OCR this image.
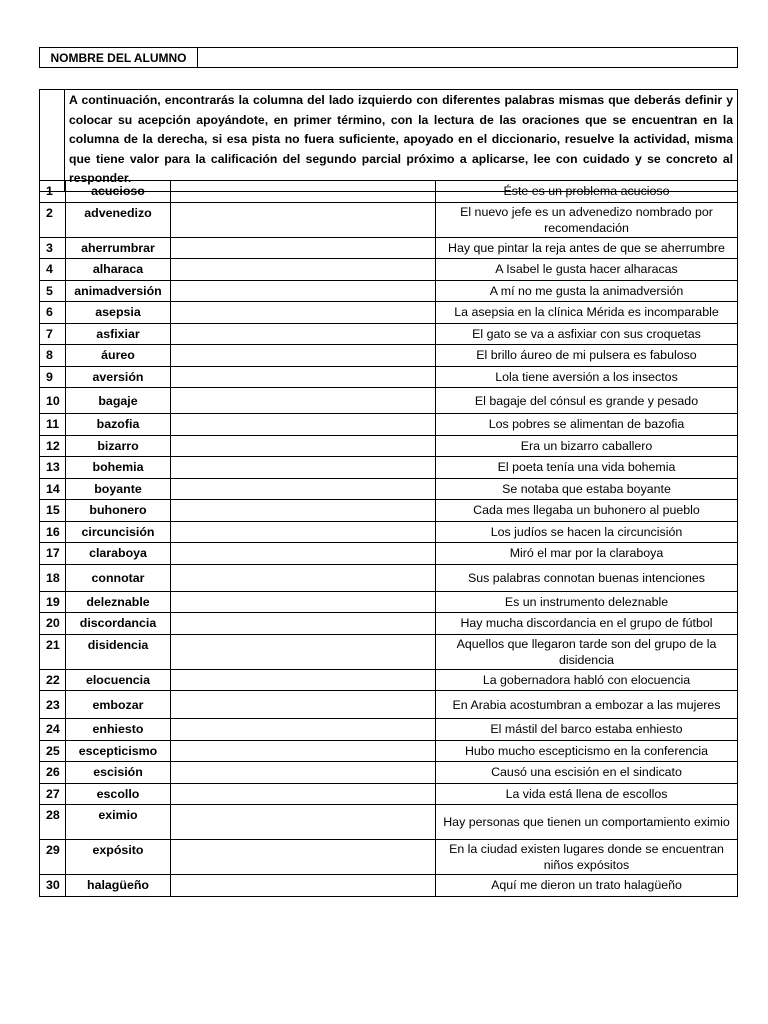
NOMBRE DEL ALUMNO	

A continuación, encontrarás la columna del lado izquierdo con diferentes palabras mismas que deberás definir y colocar su acepción apoyándote, en primer término, con la lectura de las oraciones que se encuentran en la columna de la derecha, si esa pista no fuera suficiente, apoyado en el diccionario, resuelve la actividad, misma que tiene valor para la calificación del segundo parcial próximo a aplicarse, lee con cuidado y se concreto al responder.
1	acucioso		Éste es un problema acucioso
2	advenedizo		El nuevo jefe es un advenedizo nombrado por recomendación
3	aherrumbrar		Hay que pintar la reja antes de que se aherrumbre
4	alharaca		A Isabel le gusta hacer alharacas
5	animadversión		A mí no me gusta la animadversión
6	asepsia		La asepsia en la clínica Mérida es incomparable
7	asfixiar		El gato se va a asfixiar con sus croquetas
8	áureo		El brillo áureo de mi pulsera es fabuloso
9	aversión		Lola tiene aversión a los insectos
10	bagaje		El bagaje del cónsul es grande y pesado
11	bazofia		Los pobres se alimentan de bazofia
12	bizarro		Era un bizarro caballero
13	bohemia		El poeta tenía una vida bohemia
14	boyante		Se notaba que estaba boyante
15	buhonero		Cada mes llegaba un buhonero al pueblo
16	circuncisión		Los judíos se hacen la circuncisión
17	claraboya		Miró el mar por la claraboya
18	connotar		Sus palabras connotan buenas intenciones
19	deleznable		Es un instrumento deleznable
20	discordancia		Hay mucha discordancia en el grupo de fútbol
21	disidencia		Aquellos que llegaron tarde son del grupo de la disidencia
22	elocuencia		La gobernadora habló con elocuencia
23	embozar		En Arabia acostumbran a embozar a las mujeres
24	enhiesto		El mástil del barco estaba enhiesto
25	escepticismo		Hubo mucho escepticismo en la conferencia
26	escisión		Causó una escisión en el sindicato
27	escollo		La vida está llena de escollos
28	eximio		Hay personas que tienen un comportamiento eximio
29	expósito		En la ciudad existen lugares donde se encuentran niños expósitos
30	halagüeño		Aquí me dieron un trato halagüeño
